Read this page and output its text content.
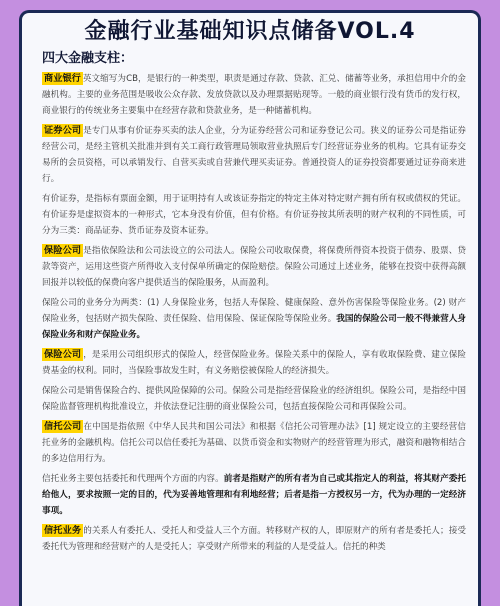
金融行业基础知识点储备VOL.4
四大金融支柱：

商业银行 英文缩写为CB，是银行的一种类型，职责是通过存款、贷款、汇兑、储蓄等业务，承担信用中介的金融机构。主要的业务范围是吸收公众存款、发放贷款以及办理票据贴现等。一般的商业银行没有货币的发行权，商业银行的传统业务主要集中在经营存款和贷款业务，是一种储蓄机构。

证券公司 是专门从事有价证券买卖的法人企业，分为证券经营公司和证券登记公司。狭义的证券公司是指证券经营公司，是经主管机关批准并到有关工商行政管理局领取营业执照后专门经营证券业务的机构。它具有证券交易所的会员资格，可以承销发行、自营买卖或自营兼代理买卖证券。普通投资人的证券投资都要通过证券商来进行。

有价证券，是指标有票面金额，用于证明持有人或该证券指定的特定主体对特定财产拥有所有权或债权的凭证。有价证券是虚拟资本的一种形式，它本身没有价值，但有价格。有价证券按其所表明的财产权利的不同性质，可分为三类：商品证券、货币证券及资本证券。

保险公司 是指依保险法和公司法设立的公司法人。保险公司收取保费，将保费所得资本投资于债券、股票、贷款等资产，运用这些资产所得收入支付保单所确定的保险赔偿。保险公司通过上述业务，能够在投资中获得高额回报并以较低的保费向客户提供适当的保险服务，从而盈利。

保险公司的业务分为两类：(1) 人身保险业务，包括人寿保险、健康保险、意外伤害保险等保险业务。(2) 财产保险业务，包括财产损失保险、责任保险、信用保险、保证保险等保险业务。我国的保险公司一般不得兼营人身保险业务和财产保险业务。

保险公司 ，是采用公司组织形式的保险人，经营保险业务。保险关系中的保险人，享有收取保险费、建立保险费基金的权利。同时，当保险事故发生时，有义务赔偿被保险人的经济损失。

保险公司是销售保险合约、提供风险保障的公司。保险公司是指经营保险业的经济组织。保险公司，是指经中国保险监督管理机构批准设立，并依法登记注册的商业保险公司，包括直接保险公司和再保险公司。

信托公司 在中国是指依照《中华人民共和国公司法》和根据《信托公司管理办法》[1] 规定设立的主要经营信托业务的金融机构。信托公司以信任委托为基础、以货币资金和实物财产的经营管理为形式，融资和融物相结合的多边信用行为。

信托业务主要包括委托和代理两个方面的内容。前者是指财产的所有者为自己或其指定人的利益，将其财产委托给他人，要求按照一定的目的，代为妥善地管理和有利地经营；后者是指一方授权另一方，代为办理的一定经济事项。

信托业务 的关系人有委托人、受托人和受益人三个方面。转移财产权的人，即原财产的所有者是委托人；接受委托代为管理和经营财产的人是受托人；享受财产所带来的利益的人是受益人。信托的种类
